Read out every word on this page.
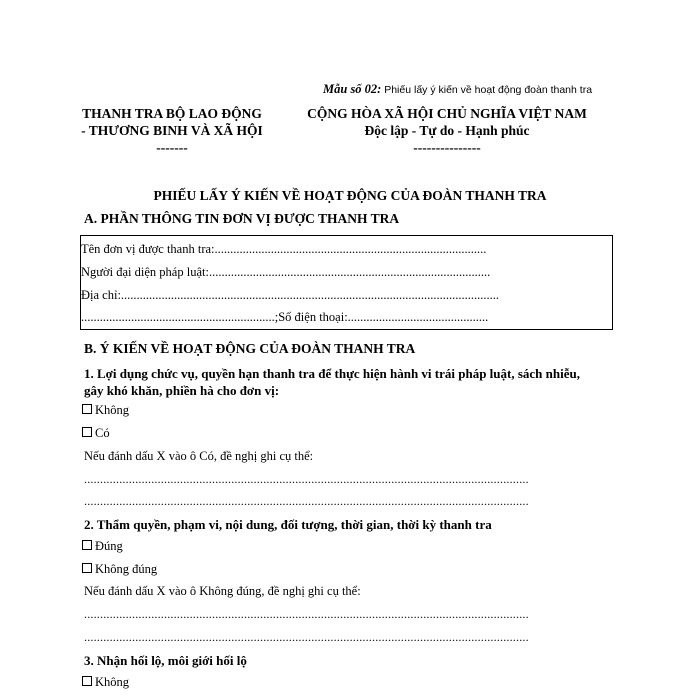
Mẫu số 02: Phiếu lấy ý kiến về hoạt động đoàn thanh tra
THANH TRA BỘ LAO ĐỘNG
- THƯƠNG BINH VÀ XÃ HỘI
-------
CỘNG HÒA XÃ HỘI CHỦ NGHĨA VIỆT NAM
Độc lập - Tự do - Hạnh phúc
---------------
PHIẾU LẤY Ý KIẾN VỀ HOẠT ĐỘNG CỦA ĐOÀN THANH TRA
A. PHẦN THÔNG TIN ĐƠN VỊ ĐƯỢC THANH TRA
Tên đơn vị được thanh tra:.......................................................................................
Người đại diện pháp luật:..........................................................................................
Địa chỉ:.........................................................................................................................
..............................................................;Số điện thoại:.............................................
B. Ý KIẾN VỀ HOẠT ĐỘNG CỦA ĐOÀN THANH TRA
1. Lợi dụng chức vụ, quyền hạn thanh tra để thực hiện hành vi trái pháp luật, sách nhiễu,
gây khó khăn, phiền hà cho đơn vị:
Không
Có
Nếu đánh dấu X vào ô Có, đề nghị ghi cụ thể:
...........................................................................................................................................
...........................................................................................................................................
2. Thẩm quyền, phạm vi, nội dung, đối tượng, thời gian, thời kỳ thanh tra
Đúng
Không đúng
Nếu đánh dấu X vào ô Không đúng, đề nghị ghi cụ thể:
...........................................................................................................................................
...........................................................................................................................................
3. Nhận hối lộ, môi giới hối lộ
Không
